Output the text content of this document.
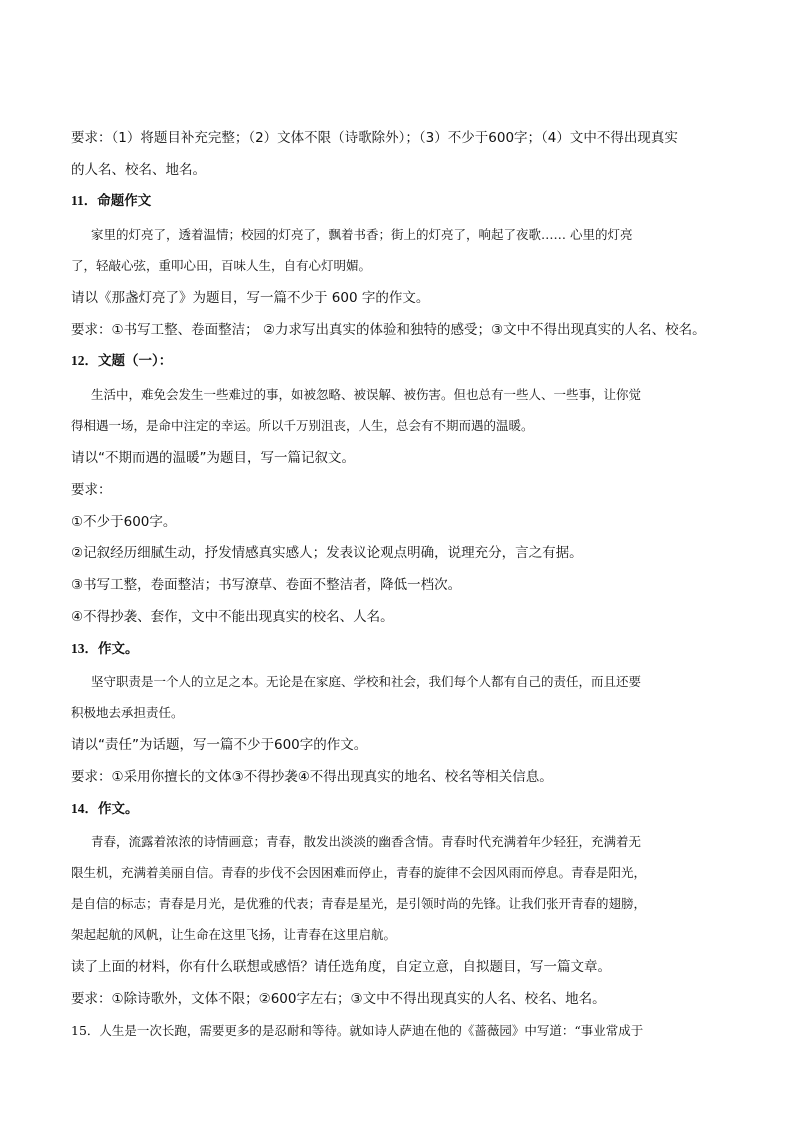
要求：（1）将题目补充完整；（2）文体不限（诗歌除外）；（3）不少于600字；（4）文中不得出现真实
的人名、校名、地名。
11．命题作文
家里的灯亮了，透着温情；校园的灯亮了，飘着书香；街上的灯亮了，响起了夜歌…… 心里的灯亮
了，轻敲心弦，重叩心田，百味人生，自有心灯明媚。
请以《那盏灯亮了》为题目，写一篇不少于 600 字的作文。
要求：①书写工整、卷面整洁； ②力求写出真实的体验和独特的感受；③文中不得出现真实的人名、校名。
12．文题（一）：
生活中，难免会发生一些难过的事，如被忽略、被误解、被伤害。但也总有一些人、一些事，让你觉
得相遇一场，是命中注定的幸运。所以千万别沮丧，人生，总会有不期而遇的温暖。
请以“不期而遇的温暖”为题目，写一篇记叙文。
要求：
①不少于600字。
②记叙经历细腻生动，抒发情感真实感人；发表议论观点明确，说理充分，言之有据。
③书写工整，卷面整洁；书写潦草、卷面不整洁者，降低一档次。
④不得抄袭、套作，文中不能出现真实的校名、人名。
13．作文。
坚守职责是一个人的立足之本。无论是在家庭、学校和社会，我们每个人都有自己的责任，而且还要
积极地去承担责任。
请以“责任”为话题，写一篇不少于600字的作文。
要求：①采用你擅长的文体③不得抄袭④不得出现真实的地名、校名等相关信息。
14．作文。
青春，流露着浓浓的诗情画意；青春，散发出淡淡的幽香含情。青春时代充满着年少轻狂，充满着无
限生机，充满着美丽自信。青春的步伐不会因困难而停止，青春的旋律不会因风雨而停息。青春是阳光，
是自信的标志；青春是月光，是优雅的代表；青春是星光，是引领时尚的先锋。让我们张开青春的翅膀，
架起起航的风帆，让生命在这里飞扬，让青春在这里启航。
读了上面的材料，你有什么联想或感悟？请任选角度，自定立意，自拟题目，写一篇文章。
要求：①除诗歌外，文体不限；②600字左右；③文中不得出现真实的人名、校名、地名。
15．人生是一次长跑，需要更多的是忍耐和等待。就如诗人萨迪在他的《蔷薇园》中写道：“事业常成于
